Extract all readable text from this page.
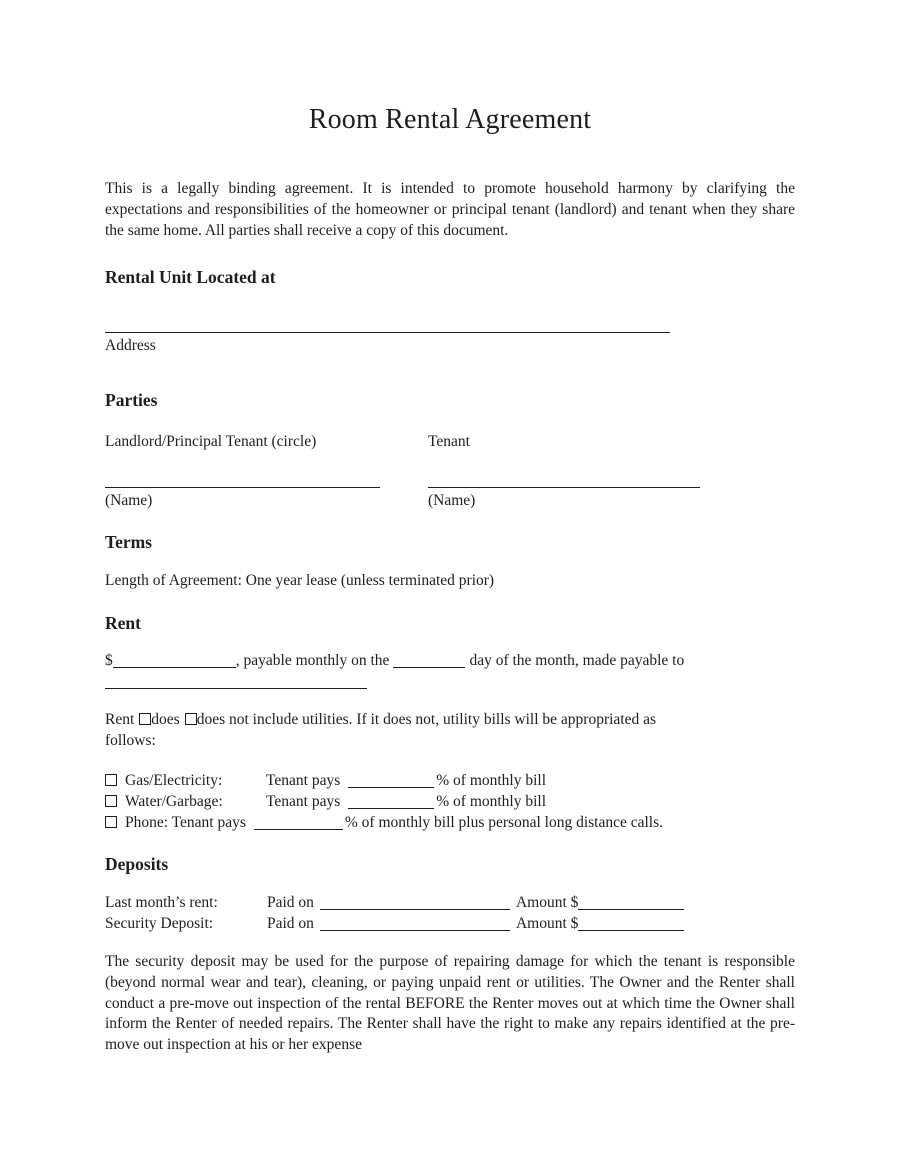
Room Rental Agreement

This is a legally binding agreement. It is intended to promote household harmony by clarifying the expectations and responsibilities of the homeowner or principal tenant (landlord) and tenant when they share the same home. All parties shall receive a copy of this document.

Rental Unit Located at
Address
Parties
Landlord/Principal Tenant (circle)	Tenant
(Name)	(Name)
Terms

Length of Agreement: One year lease (unless terminated prior)

Rent

$	, payable monthly on the	day of the month, made payable to

Rent does does not include utilities. If it does not, utility bills will be appropriated as
follows:

Gas/Electricity:	Tenant pays	% of monthly bill
Water/Garbage:	Tenant pays	% of monthly bill
Phone: Tenant pays	% of monthly bill plus personal long distance calls.
Deposits
Last month’s rent:	Paid on	Amount $
Security Deposit:	Paid on	Amount $

The security deposit may be used for the purpose of repairing damage for which the tenant is responsible (beyond normal wear and tear), cleaning, or paying unpaid rent or utilities. The Owner and the Renter shall conduct a pre-move out inspection of the rental BEFORE the Renter moves out at which time the Owner shall inform the Renter of needed repairs. The Renter shall have the right to make any repairs identified at the pre-move out inspection at his or her expense
